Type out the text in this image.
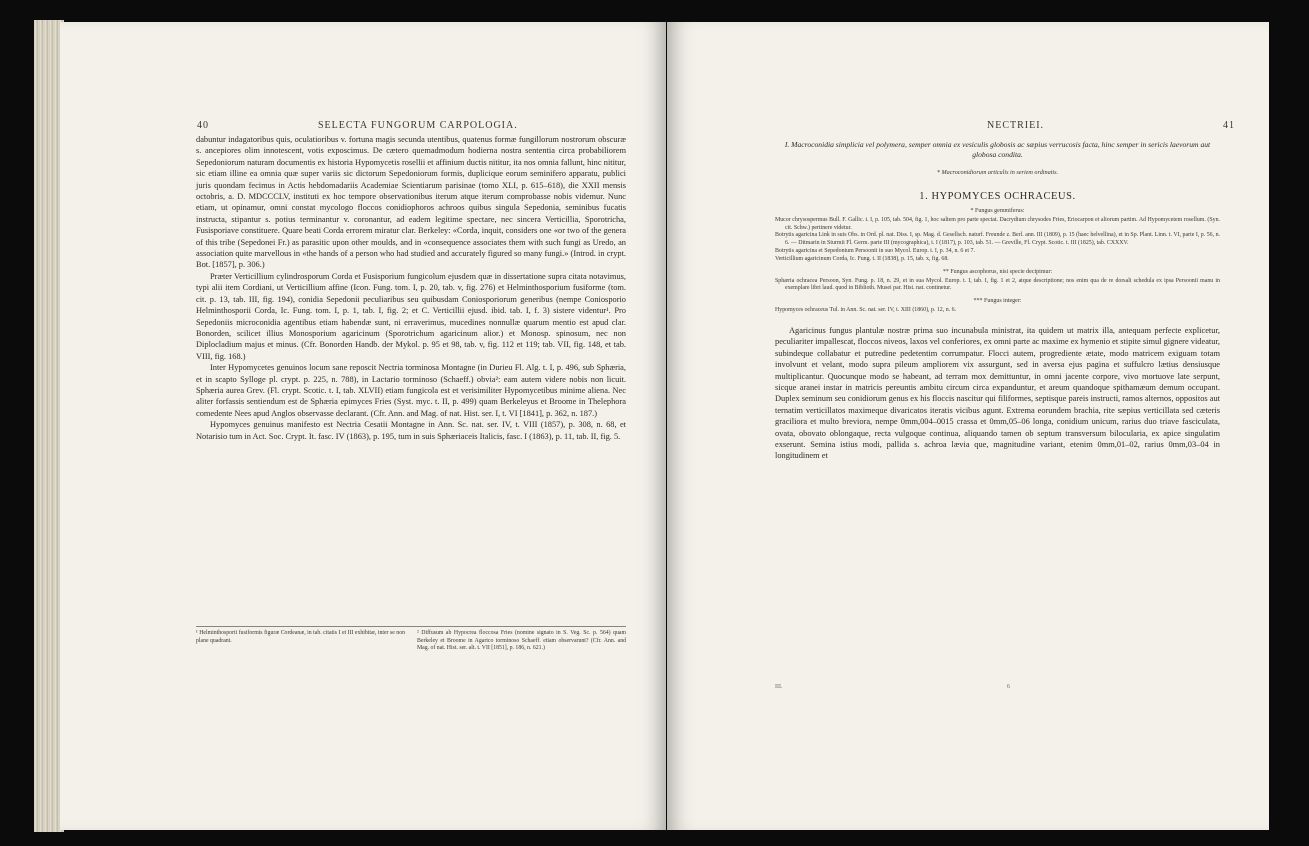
40	SELECTA FUNGORUM CARPOLOGIA.

dabuntur indagatoribus quis, oculatioribus v. fortuna magis secunda utentibus, quatenus formæ fungillorum nostrorum obscuræ s. ancepiores olim innotescent, votis exposcimus. De cætero quemadmodum hodierna nostra sententia circa probabiliorem Sepedoniorum naturam documentis ex historia Hypomycetis rosellii et affinium ductis nititur, ita nos omnia fallunt, hinc nititur, sic etiam illine ea omnia quæ super variis sic dictorum Sepedoniorum formis, duplicique eorum seminifero apparatu, publici juris quondam fecimus in Actis hebdomadariis Academiae Scientiarum parisinae (tomo XLI, p. 615–618), die XXII mensis octobris, a. D. MDCCCLV, instituti ex hoc tempore observationibus iterum atque iterum comprobasse nobis videmur. Nunc etiam, ut opinamur, omni constat mycologo floccos conidiophoros achroos quibus singula Sepedonia, seminibus fucatis instructa, stipantur s. potius terminantur v. coronantur, ad eadem legitime spectare, nec sincera Verticillia, Sporotricha, Fusisporiave constituere. Quare beati Corda errorem miratur clar. Berkeley: «Corda, inquit, considers one «or two of the genera of this tribe (Sepedonei Fr.) as parasitic upon other moulds, and in «consequence associates them with such fungi as Uredo, an association quite marvellous in «the hands of a person who had studied and accurately figured so many fungi.» (Introd. in crypt. Bot. [1857], p. 306.)

Præter Verticillium cylindrosporum Corda et Fusisporium fungicolum ejusdem quæ in dissertatione supra citata notavimus, typi alii item Cordiani, ut Verticillium affine (Icon. Fung. tom. I, p. 20, tab. v, fig. 276) et Helminthosporium fusiforme (tom. cit. p. 13, tab. III, fig. 194), conidia Sepedonii peculiaribus seu quibusdam Coniosporiorum generibus (nempe Coniosporio Helminthosporii Corda, Ic. Fung. tom. I, p. 1, tab. I, fig. 2; et C. Verticillii ejusd. ibid. tab. I, f. 3) sistere videntur¹. Pro Sepedoniis microconidia agentibus etiam habendæ sunt, ni erraverimus, mucedines nonnullæ quarum mentio est apud clar. Bonorden, scilicet illius Monosporium agaricinum (Sporotrichum agaricinum alior.) et Monosp. spinosum, nec non Diplocladium majus et minus. (Cfr. Bonorden Handb. der Mykol. p. 95 et 98, tab. v, fig. 112 et 119; tab. VII, fig. 148, et tab. VIII, fig. 168.)

Inter Hypomycetes genuinos locum sane reposcit Nectria torminosa Montagne (in Durieu Fl. Alg. t. I, p. 496, sub Sphæria, et in scapto Sylloge pl. crypt. p. 225, n. 788), in Lactario torminoso (Schaeff.) obvia²: eam autem videre nobis non licuit. Sphæria aurea Grev. (Fl. crypt. Scotic. t. I, tab. XLVII) etiam fungicola est et verisimiliter Hypomycetibus minime aliena. Nec aliter forfassis sentiendum est de Sphæria epimyces Fries (Syst. myc. t. II, p. 499) quam Berkeleyus et Broome in Thelephora comedente Nees apud Anglos observasse declarant. (Cfr. Ann. and Mag. of nat. Hist. ser. I, t. VI [1841], p. 362, n. 187.)

Hypomyces genuinus manifesto est Nectria Cesatii Montagne in Ann. Sc. nat. ser. IV, t. VIII (1857), p. 308, n. 68, et Notarisio tum in Act. Soc. Crypt. It. fasc. IV (1863), p. 195, tum in suis Sphæriaceis Italicis, fasc. I (1863), p. 11, tab. II, fig. 5.

¹ Helminthosporii fusiformis figuræ Cordeanæ, in tab. citatis I et III exhibitæ, inter se non plane quadrant.

² Diffusum ab Hypocrea floccosa Fries (nomine signato in S. Veg. Sc. p. 564) quam Berkeley et Broome in Agarico torminoso Schaeff. etiam observarunt? (Cfr. Ann. and Mag. of nat. Hist. ser. alt. t. VII [1851], p. 186, n. 621.)

NECTRIEI.	41

I. Macroconidia simplicia vel polymera, semper omnia ex vesiculis globosis ac sæpius verrucosis facta, hinc semper in sericis laevorum aut globosa condita.

* Macroconidiorum articulis in seriem ordinatis.

1. HYPOMYCES OCHRACEUS.

* Fungus gemmiferus:

Mucor chrysospermus Bull. F. Gallic. t. I, p. 105, tab. 504, fig. 1, hoc saltem pro parte spectat. Dacrydium chrysodes Fries, Eriocarpon et aliorum partim. Ad Hypomycetem rosellum. (Syn. cit. Schw.) pertinere videtur.

Botrytis agaricina Link in suis Obs. in Ord. pl. nat. Diss. I, sp. Mag. d. Gesellsch. naturf. Freunde z. Berl. ann. III (1809), p. 15 (haec helvellina), et in Sp. Plant. Linn. t. VI, parte I, p. 56, n. 6. — Ditmarin in Sturmii Fl. Germ. parte III (mycographica), t. I (1817), p. 103, tab. 51. — Greville, Fl. Crypt. Scotic. t. III (1825), tab. CXXXV.

Botrytis agaricina et Sepedonium Persoonii in suo Mycol. Europ. t. I, p. 34, n. 6 et 7.

Verticillium agaricinum Corda, Ic. Fung. t. II (1838), p. 15, tab. x, fig. 68.

** Fungus ascophorus, nisi specie decipimur:

Sphæria ochracea Persoon, Syn. Fung. p. 18, n. 29, et in sua Mycol. Europ. t. I, tab. I, fig. 1 et 2, atque descriptione; nos enim qua de re dorsali schedula ex ipsa Persoonii manu in exemplare libri laud. quod in Biblioth. Musei par. Hist. nat. continetur.

*** Fungus integer:

Hypomyces ochraceus Tul. in Ann. Sc. nat. ser. IV, t. XIII (1860), p. 12, n. 6.

Agaricinus fungus plantulæ nostræ prima suo incunabula ministrat, ita quidem ut matrix illa, antequam perfecte explicetur, peculiariter impallescat, floccos niveos, laxos vel conferiores, ex omni parte ac maxime ex hymenio et stipite simul gignere videatur, subindeque collabatur et putredine pedetentim corrumpatur. Flocci autem, progrediente ætate, modo matricem exiguam totam involvunt et velant, modo supra pileum ampliorem vix assurgunt, sed in aversa ejus pagina et suffulcro lætius densiusque multiplicantur. Quocunque modo se habeant, ad terram mox demittuntur, in omni jacente corpore, vivo mortuove late serpunt, sicque aranei instar in matricis pereuntis ambitu circum circa expanduntur, et areum quandoque spithamæum demum occupant. Duplex seminum seu conidiorum genus ex his floccis nascitur qui filiformes, septisque pareis instructi, ramos alternos, oppositos aut ternatim verticillatos maximeque divaricatos iteratis vicibus agunt. Extrema eorundem brachia, rite sæpius verticillata sed cæteris graciliora et multo breviora, nempe 0mm,004–0015 crassa et 0mm,05–06 longa, conidium unicum, rarius duo triave fasciculata, ovata, obovato oblongaque, recta vulgoque continua, aliquando tamen ob septum transversum bilocularia, ex apice singulatim exserunt. Semina istius modi, pallida s. achroa lævia que, magnitudine variant, etenim 0mm,01–02, rarius 0mm,03–04 in longitudinem et

III.	6
